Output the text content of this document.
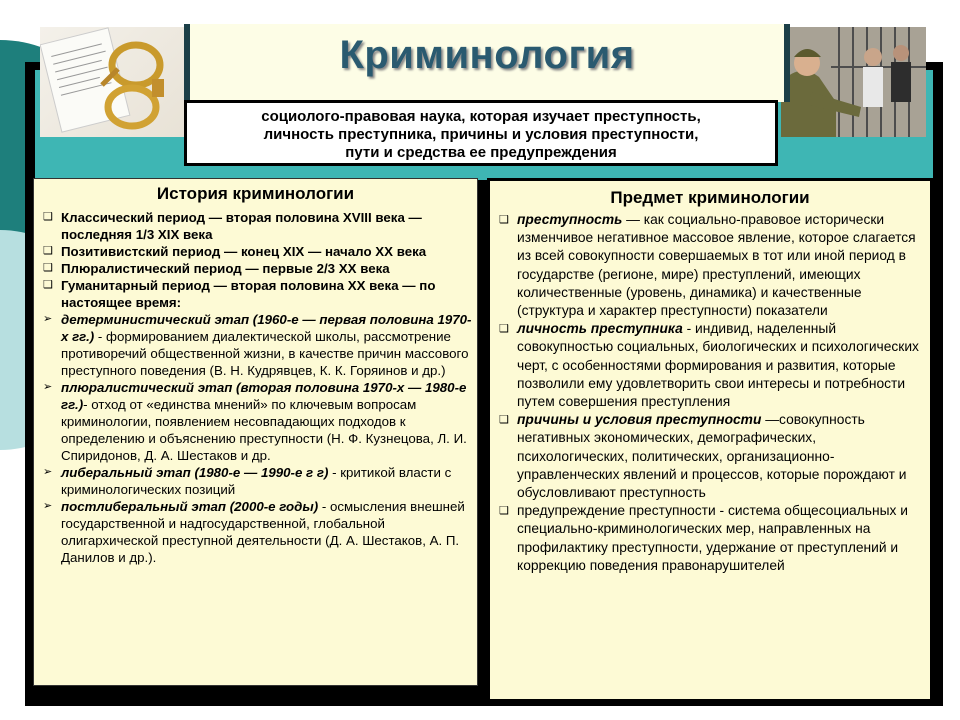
Криминология
социолого-правовая наука, которая изучает преступность,
личность преступника, причины и условия преступности,
пути и средства ее предупреждения
История криминологии
❑ Классический период — вторая половина XVIII века — последняя 1/3 XIX века
❑ Позитивистский период — конец XIX — начало XX века
❑ Плюралистический период — первые 2/3 XX века
❑ Гуманитарный период — вторая половина XX века — по настоящее время:
➢ детерминистический этап (1960-е — первая половина 1970-х гг.) - формированием диалектической школы, рассмотрение противоречий общественной жизни, в качестве причин массового преступного поведения (В. Н. Кудрявцев, К. К. Горяинов и др.)
➢ плюралистический этап (вторая половина 1970-х — 1980-е гг.)- отход от «единства мнений» по ключевым вопросам криминологии, появлением несовпадающих подходов к определению и объяснению преступности (Н. Ф. Кузнецова, Л. И. Спиридонов, Д. А. Шестаков и др.
➢ либеральный этап (1980-е — 1990-е г г) - критикой власти с криминологических позиций
➢ постлиберальный этап (2000-е годы) - осмысления внешней государственной и надгосударственной, глобальной олигархической преступной деятельности (Д. А. Шестаков, А. П. Данилов и др.).
Предмет криминологии
❑ преступность — как социально-правовое исторически изменчивое негативное массовое явление, которое слагается из всей совокупности совершаемых в тот или иной период в государстве (регионе, мире) преступлений, имеющих количественные (уровень, динамика) и качественные (структура и характер преступности) показатели
❑ личность преступника - индивид, наделенный совокупностью социальных, биологических и психологических черт, с особенностями формирования и развития, которые позволили ему удовлетворить свои интересы и потребности путем совершения преступления
❑ причины и условия преступности —совокупность негативных экономических, демографических, психологических, политических, организационно-управленческих явлений и процессов, которые порождают и обусловливают преступность
❑ предупреждение преступности - система общесоциальных и специально-криминологических мер, направленных на профилактику преступности, удержание от преступлений и коррекцию поведения правонарушителей
12/22/2019
